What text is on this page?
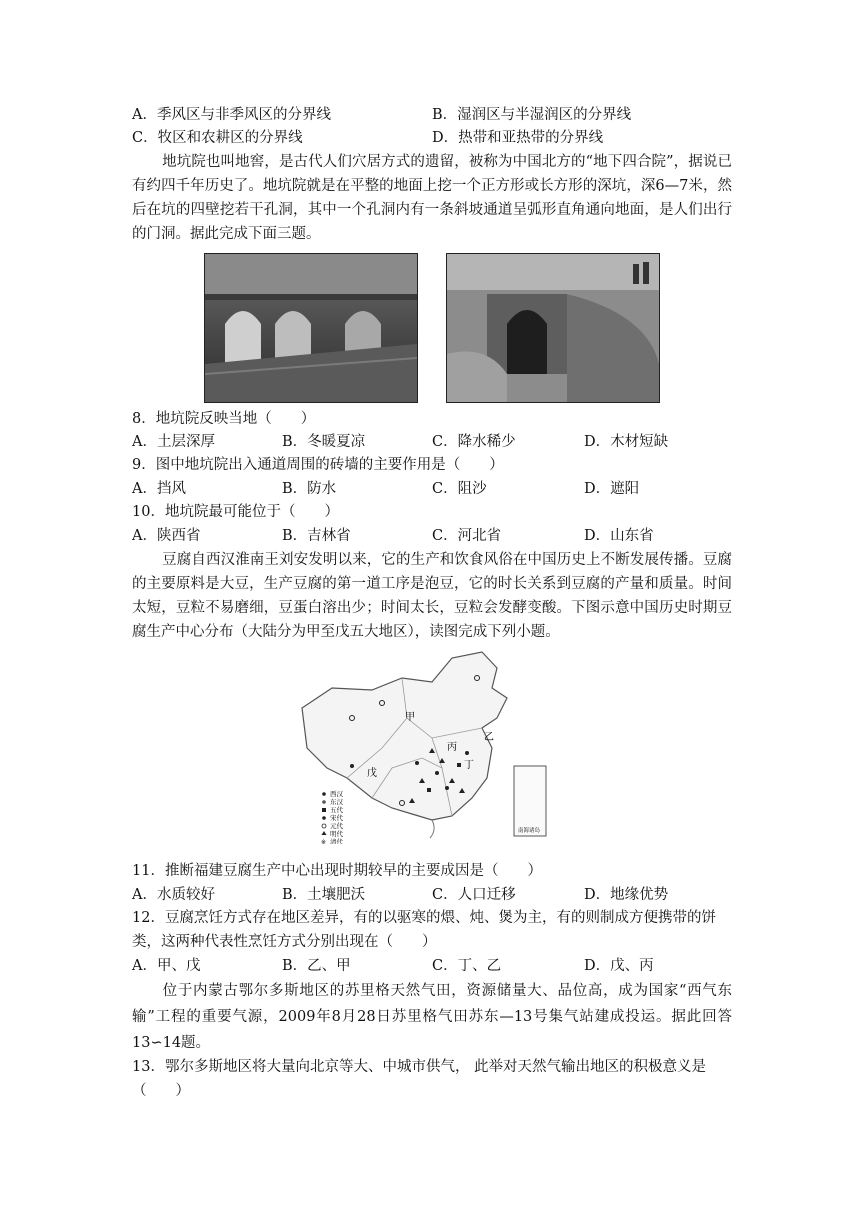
A．季风区与非季风区的分界线	B．湿润区与半湿润区的分界线
C．牧区和农耕区的分界线	D．热带和亚热带的分界线
地坑院也叫地窖，是古代人们穴居方式的遗留，被称为中国北方的“地下四合院”，据说已有约四千年历史了。地坑院就是在平整的地面上挖一个正方形或长方形的深坑，深6—7米，然后在坑的四壁挖若干孔洞，其中一个孔洞内有一条斜坡通道呈弧形直角通向地面，是人们出行的门洞。据此完成下面三题。
8．地坑院反映当地（　　）
A．土层深厚	B．冬暖夏凉	C．降水稀少	D．木材短缺
9．图中地坑院出入通道周围的砖墙的主要作用是（　　）
A．挡风	B．防水	C．阻沙	D．遮阳
10．地坑院最可能位于（　　）
A．陕西省	B．吉林省	C．河北省	D．山东省
豆腐自西汉淮南王刘安发明以来，它的生产和饮食风俗在中国历史上不断发展传播。豆腐的主要原料是大豆，生产豆腐的第一道工序是泡豆，它的时长关系到豆腐的产量和质量。时间太短，豆粒不易磨细，豆蛋白溶出少；时间太长，豆粒会发酵变酸。下图示意中国历史时期豆腐生产中心分布（大陆分为甲至戊五大地区），读图完成下列小题。
甲
乙
丙
丁
戊
南海诸岛
西汉
东汉
五代
宋代
元代
明代
清代
※
11．推断福建豆腐生产中心出现时期较早的主要成因是（　　）
A．水质较好	B．土壤肥沃	C．人口迁移	D．地缘优势
12．豆腐烹饪方式存在地区差异，有的以驱寒的煨、炖、煲为主，有的则制成方便携带的饼
类，这两种代表性烹饪方式分别出现在（　　）
A．甲、戊	B．乙、甲	C．丁、乙	D．戊、丙
位于内蒙古鄂尔多斯地区的苏里格天然气田，资源储量大、品位高，成为国家“西气东输”工程的重要气源，2009年8月28日苏里格气田苏东—13号集气站建成投运。据此回答13∽14题。
13．鄂尔多斯地区将大量向北京等大、中城市供气， 此举对天然气输出地区的积极意义是
（　　）
